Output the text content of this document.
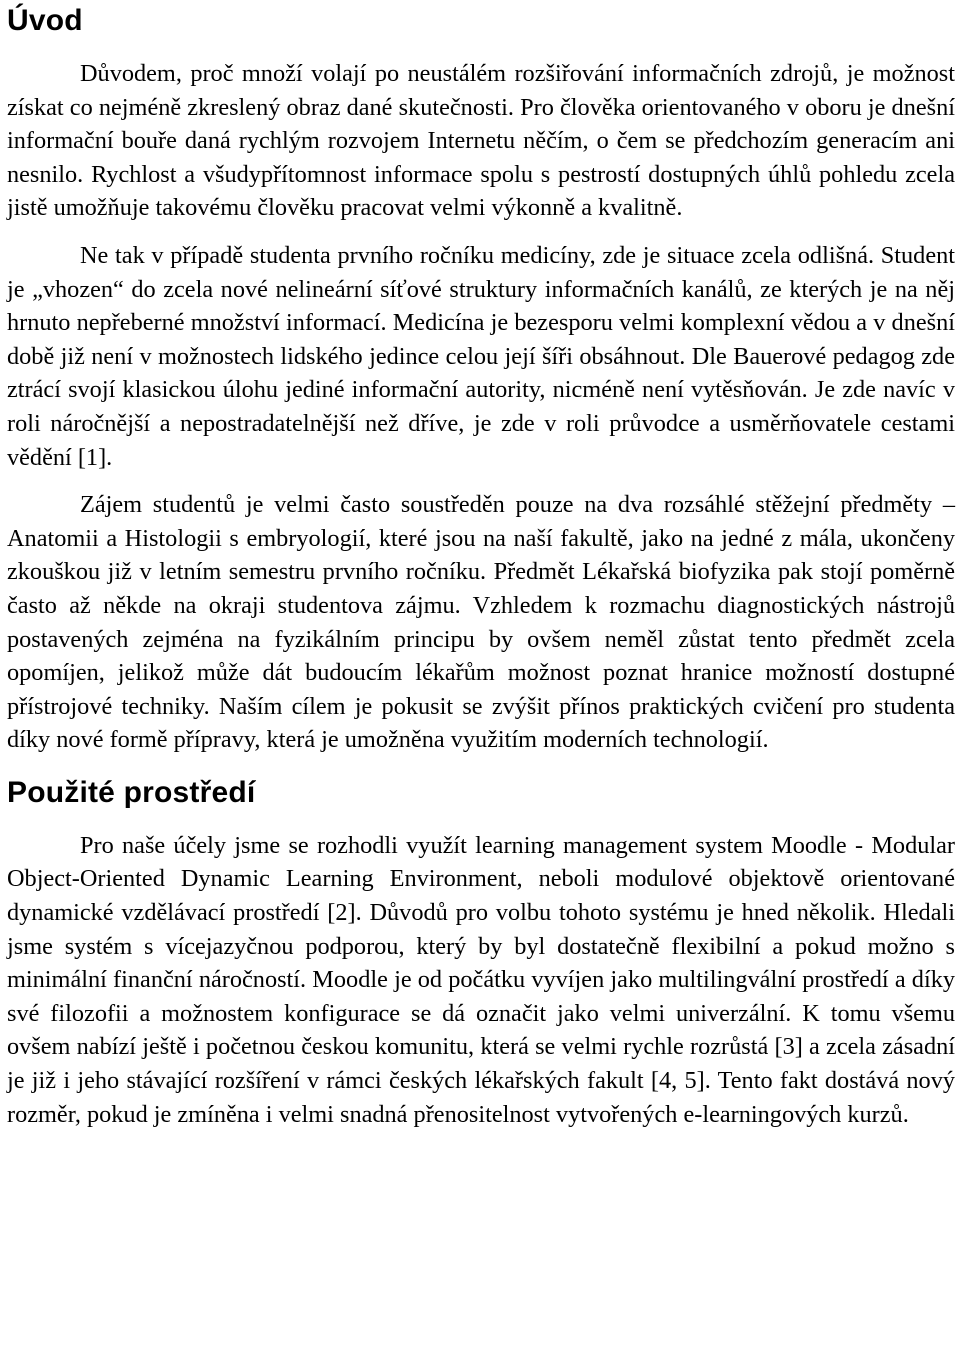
Úvod

Důvodem, proč množí volají po neustálém rozšiřování informačních zdrojů, je možnost získat co nejméně zkreslený obraz dané skutečnosti. Pro člověka orientovaného v oboru je dnešní informační bouře daná rychlým rozvojem Internetu něčím, o čem se předchozím generacím ani nesnilo. Rychlost a všudypřítomnost informace spolu s pestrostí dostupných úhlů pohledu zcela jistě umožňuje takovému člověku pracovat velmi výkonně a kvalitně.

Ne tak v případě studenta prvního ročníku medicíny, zde je situace zcela odlišná. Student je „vhozen“ do zcela nové nelineární síťové struktury informačních kanálů, ze kterých je na něj hrnuto nepřeberné množství informací. Medicína je bezesporu velmi komplexní vědou a v dnešní době již není v možnostech lidského jedince celou její šíři obsáhnout. Dle Bauerové pedagog zde ztrácí svojí klasickou úlohu jediné informační autority, nicméně není vytěsňován. Je zde navíc v roli náročnější a nepostradatelnější než dříve, je zde v roli průvodce a usměrňovatele cestami vědění [1].

Zájem studentů je velmi často soustředěn pouze na dva rozsáhlé stěžejní předměty – Anatomii a Histologii s embryologií, které jsou na naší fakultě, jako na jedné z mála, ukončeny zkouškou již v letním semestru prvního ročníku. Předmět Lékařská biofyzika pak stojí poměrně často až někde na okraji studentova zájmu. Vzhledem k rozmachu diagnostických nástrojů postavených zejména na fyzikálním principu by ovšem neměl zůstat tento předmět zcela opomíjen, jelikož může dát budoucím lékařům možnost poznat hranice možností dostupné přístrojové techniky. Naším cílem je pokusit se zvýšit přínos praktických cvičení pro studenta díky nové formě přípravy, která je umožněna využitím moderních technologií.

Použité prostředí

Pro naše účely jsme se rozhodli využít learning management system Moodle - Modular Object-Oriented Dynamic Learning Environment, neboli modulové objektově orientované dynamické vzdělávací prostředí [2]. Důvodů pro volbu tohoto systému je hned několik. Hledali jsme systém s vícejazyčnou podporou, který by byl dostatečně flexibilní a pokud možno s minimální finanční náročností. Moodle je od počátku vyvíjen jako multilingvální prostředí a díky své filozofii a možnostem konfigurace se dá označit jako velmi univerzální. K tomu všemu ovšem nabízí ještě i početnou českou komunitu, která se velmi rychle rozrůstá [3] a zcela zásadní je již i jeho stávající rozšíření v rámci českých lékařských fakult [4, 5]. Tento fakt dostává nový rozměr, pokud je zmíněna i velmi snadná přenositelnost vytvořených e-learningových kurzů.
